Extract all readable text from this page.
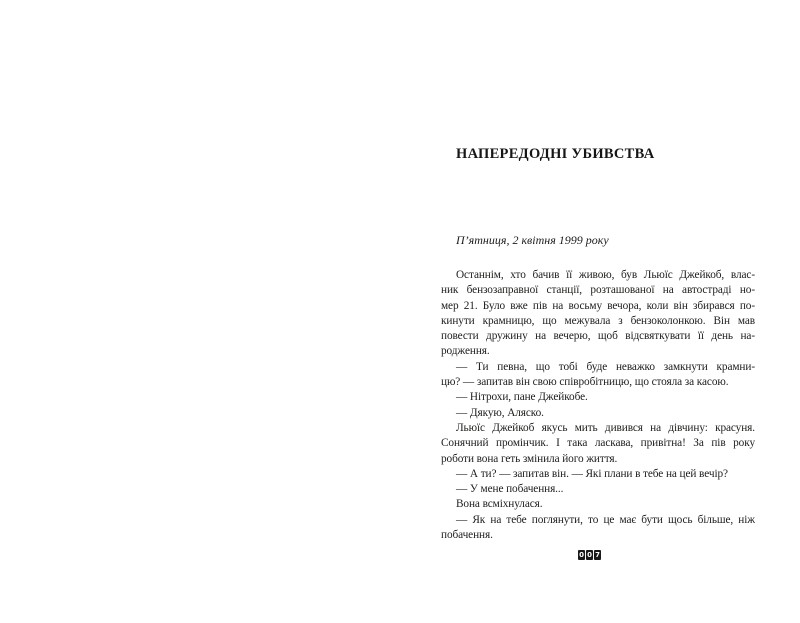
НАПЕРЕДОДНІ УБИВСТВА

П’ятниця, 2 квітня 1999 року

Останнім, хто бачив її живою, був Льюїс Джейкоб, влас-
ник бензозаправної станції, розташованої на автостраді но-
мер 21. Було вже пів на восьму вечора, коли він збирався по-
кинути крамницю, що межувала з бензоколонкою. Він мав
повести дружину на вечерю, щоб відсвяткувати її день на-
родження.
— Ти певна, що тобі буде неважко замкнути крамни-
цю? — запитав він свою співробітницю, що стояла за касою.
— Нітрохи, пане Джейкобе.
— Дякую, Аляско.
Льюїс Джейкоб якусь мить дивився на дівчину: красуня.
Сонячний промінчик. І така ласкава, привітна! За пів року
роботи вона геть змінила його життя.
— А ти? — запитав він. — Які плани в тебе на цей вечір?
— У мене побачення...
Вона всміхнулася.
— Як на тебе поглянути, то це має бути щось більше, ніж
побачення.
0 0 7
